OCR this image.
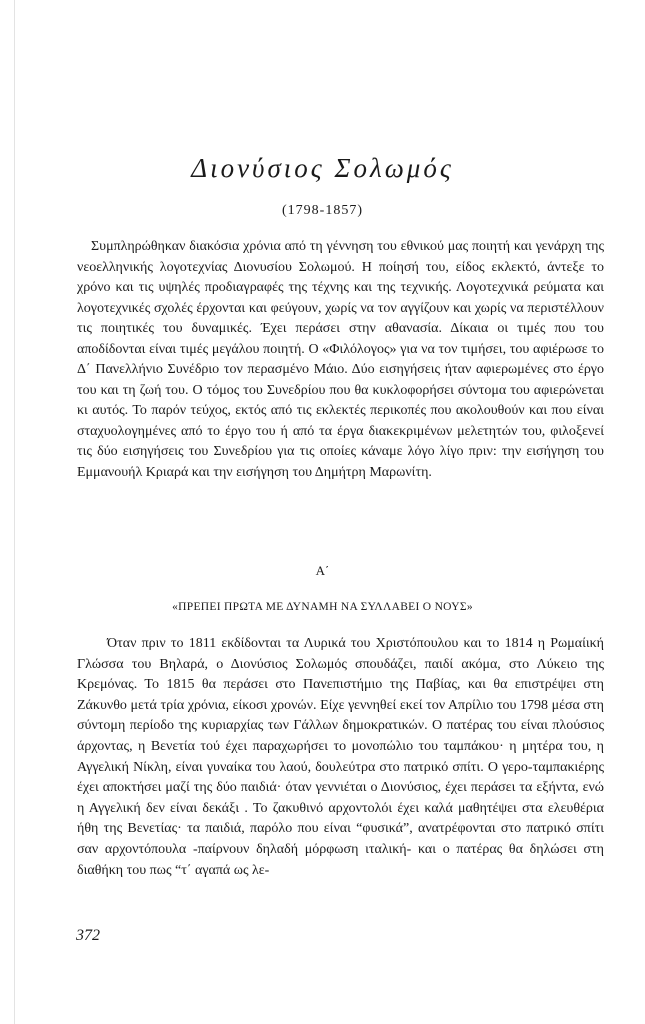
Διονύσιος Σολωμός
(1798-1857)

Συμπληρώθηκαν διακόσια χρόνια από τη γέννηση του εθνικού μας ποιητή και γενάρχη της νεοελληνικής λογοτεχνίας Διονυσίου Σολωμού. Η ποίησή του, είδος εκλεκτό, άντεξε το χρόνο και τις υψηλές προδιαγραφές της τέχνης και της τεχνικής. Λογοτεχνικά ρεύματα και λογοτεχνικές σχολές έρχονται και φεύγουν, χωρίς να τον αγγίζουν και χωρίς να περιστέλλουν τις ποιητικές του δυναμικές. Έχει περάσει στην αθανασία. Δίκαια οι τιμές που του αποδίδονται είναι τιμές μεγάλου ποιητή. Ο «Φιλόλογος» για να τον τιμήσει, του αφιέρωσε το Δ΄ Πανελλήνιο Συνέδριο τον περασμένο Μάιο. Δύο εισηγήσεις ήταν αφιερωμένες στο έργο του και τη ζωή του. Ο τόμος του Συνεδρίου που θα κυκλοφορήσει σύντομα του αφιερώνεται κι αυτός. Το παρόν τεύχος, εκτός από τις εκλεκτές περικοπές που ακολουθούν και που είναι σταχυολογημένες από το έργο του ή από τα έργα διακεκριμένων μελετητών του, φιλοξενεί τις δύο εισηγήσεις του Συνεδρίου για τις οποίες κάναμε λόγο λίγο πριν: την εισήγηση του Εμμανουήλ Κριαρά και την εισήγηση του Δημήτρη Μαρωνίτη.

Α΄
«ΠΡΕΠΕΙ ΠΡΩΤΑ ΜΕ ΔΥΝΑΜΗ ΝΑ ΣΥΛΛΑΒΕΙ Ο ΝΟΥΣ»

Όταν πριν το 1811 εκδίδονται τα Λυρικά του Χριστόπουλου και το 1814 η Ρωμαίική Γλώσσα του Βηλαρά, ο Διονύσιος Σολωμός σπουδάζει, παιδί ακόμα, στο Λύκειο της Κρεμόνας. Το 1815 θα περάσει στο Πανεπιστήμιο της Παβίας, και θα επιστρέψει στη Ζάκυνθο μετά τρία χρόνια, είκοσι χρονών. Είχε γεννηθεί εκεί τον Απρίλιο του 1798 μέσα στη σύντομη περίοδο της κυριαρχίας των Γάλλων δημοκρατικών. Ο πατέρας του είναι πλούσιος άρχοντας, η Βενετία τού έχει παραχωρήσει το μονοπώλιο του ταμπάκου· η μητέρα του, η Αγγελική Νίκλη, είναι γυναίκα του λαού, δουλεύτρα στο πατρικό σπίτι. Ο γερο-ταμπακιέρης έχει αποκτήσει μαζί της δύο παιδιά· όταν γεννιέται ο Διονύσιος, έχει περάσει τα εξήντα, ενώ η Αγγελική δεν είναι δεκάξι . Το ζακυθινό αρχοντολόι έχει καλά μαθητέψει στα ελευθέρια ήθη της Βενετίας· τα παιδιά, παρόλο που είναι “φυσικά”, ανατρέφονται στο πατρικό σπίτι σαν αρχοντόπουλα -παίρνουν δηλαδή μόρφωση ιταλική- και ο πατέρας θα δηλώσει στη διαθήκη του πως “τ΄ αγαπά ως λε-

372
